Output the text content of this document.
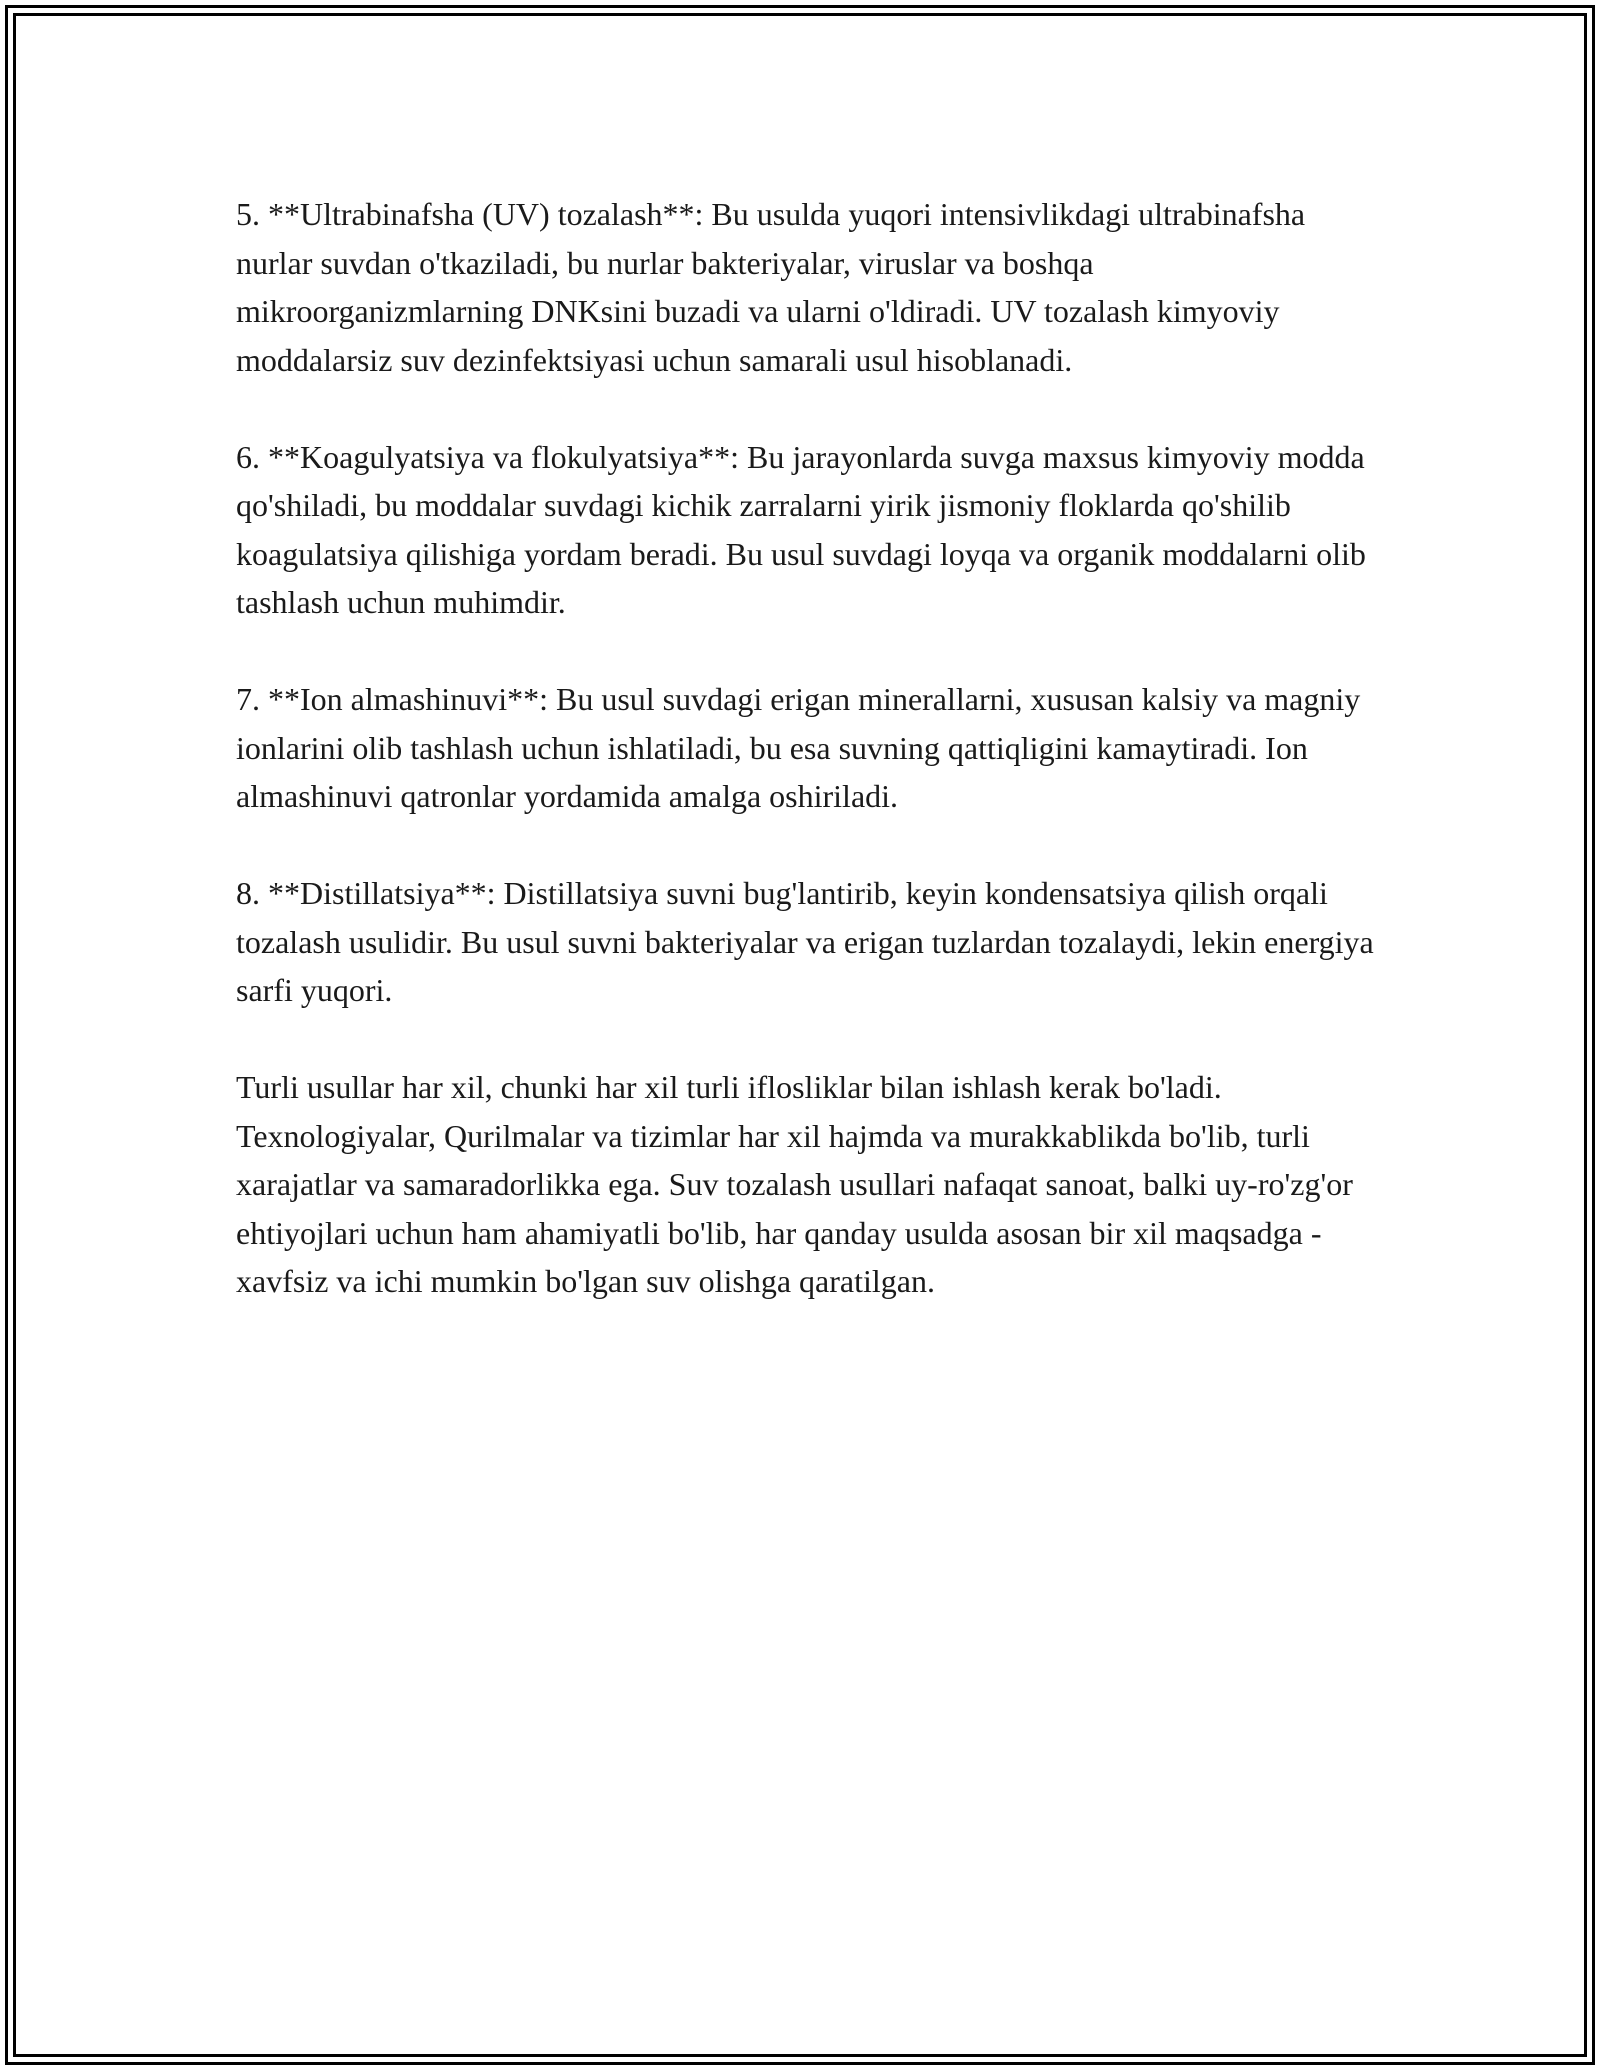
5. **Ultrabinafsha (UV) tozalash**: Bu usulda yuqori intensivlikdagi ultrabinafsha nurlar suvdan o'tkaziladi, bu nurlar bakteriyalar, viruslar va boshqa mikroorganizmlarning DNKsini buzadi va ularni o'ldiradi. UV tozalash kimyoviy moddalarsiz suv dezinfektsiyasi uchun samarali usul hisoblanadi.

6. **Koagulyatsiya va flokulyatsiya**: Bu jarayonlarda suvga maxsus kimyoviy modda qo'shiladi, bu moddalar suvdagi kichik zarralarni yirik jismoniy floklarda qo'shilib koagulatsiya qilishiga yordam beradi. Bu usul suvdagi loyqa va organik moddalarni olib tashlash uchun muhimdir.

7. **Ion almashinuvi**: Bu usul suvdagi erigan minerallarni, xususan kalsiy va magniy ionlarini olib tashlash uchun ishlatiladi, bu esa suvning qattiqligini kamaytiradi. Ion almashinuvi qatronlar yordamida amalga oshiriladi.

8. **Distillatsiya**: Distillatsiya suvni bug'lantirib, keyin kondensatsiya qilish orqali tozalash usulidir. Bu usul suvni bakteriyalar va erigan tuzlardan tozalaydi, lekin energiya sarfi yuqori.

Turli usullar har xil, chunki har xil turli iflosliklar bilan ishlash kerak bo'ladi. Texnologiyalar, Qurilmalar va tizimlar har xil hajmda va murakkablikda bo'lib, turli xarajatlar va samaradorlikka ega. Suv tozalash usullari nafaqat sanoat, balki uy-ro'zg'or ehtiyojlari uchun ham ahamiyatli bo'lib, har qanday usulda asosan bir xil maqsadga - xavfsiz va ichi mumkin bo'lgan suv olishga qaratilgan.
